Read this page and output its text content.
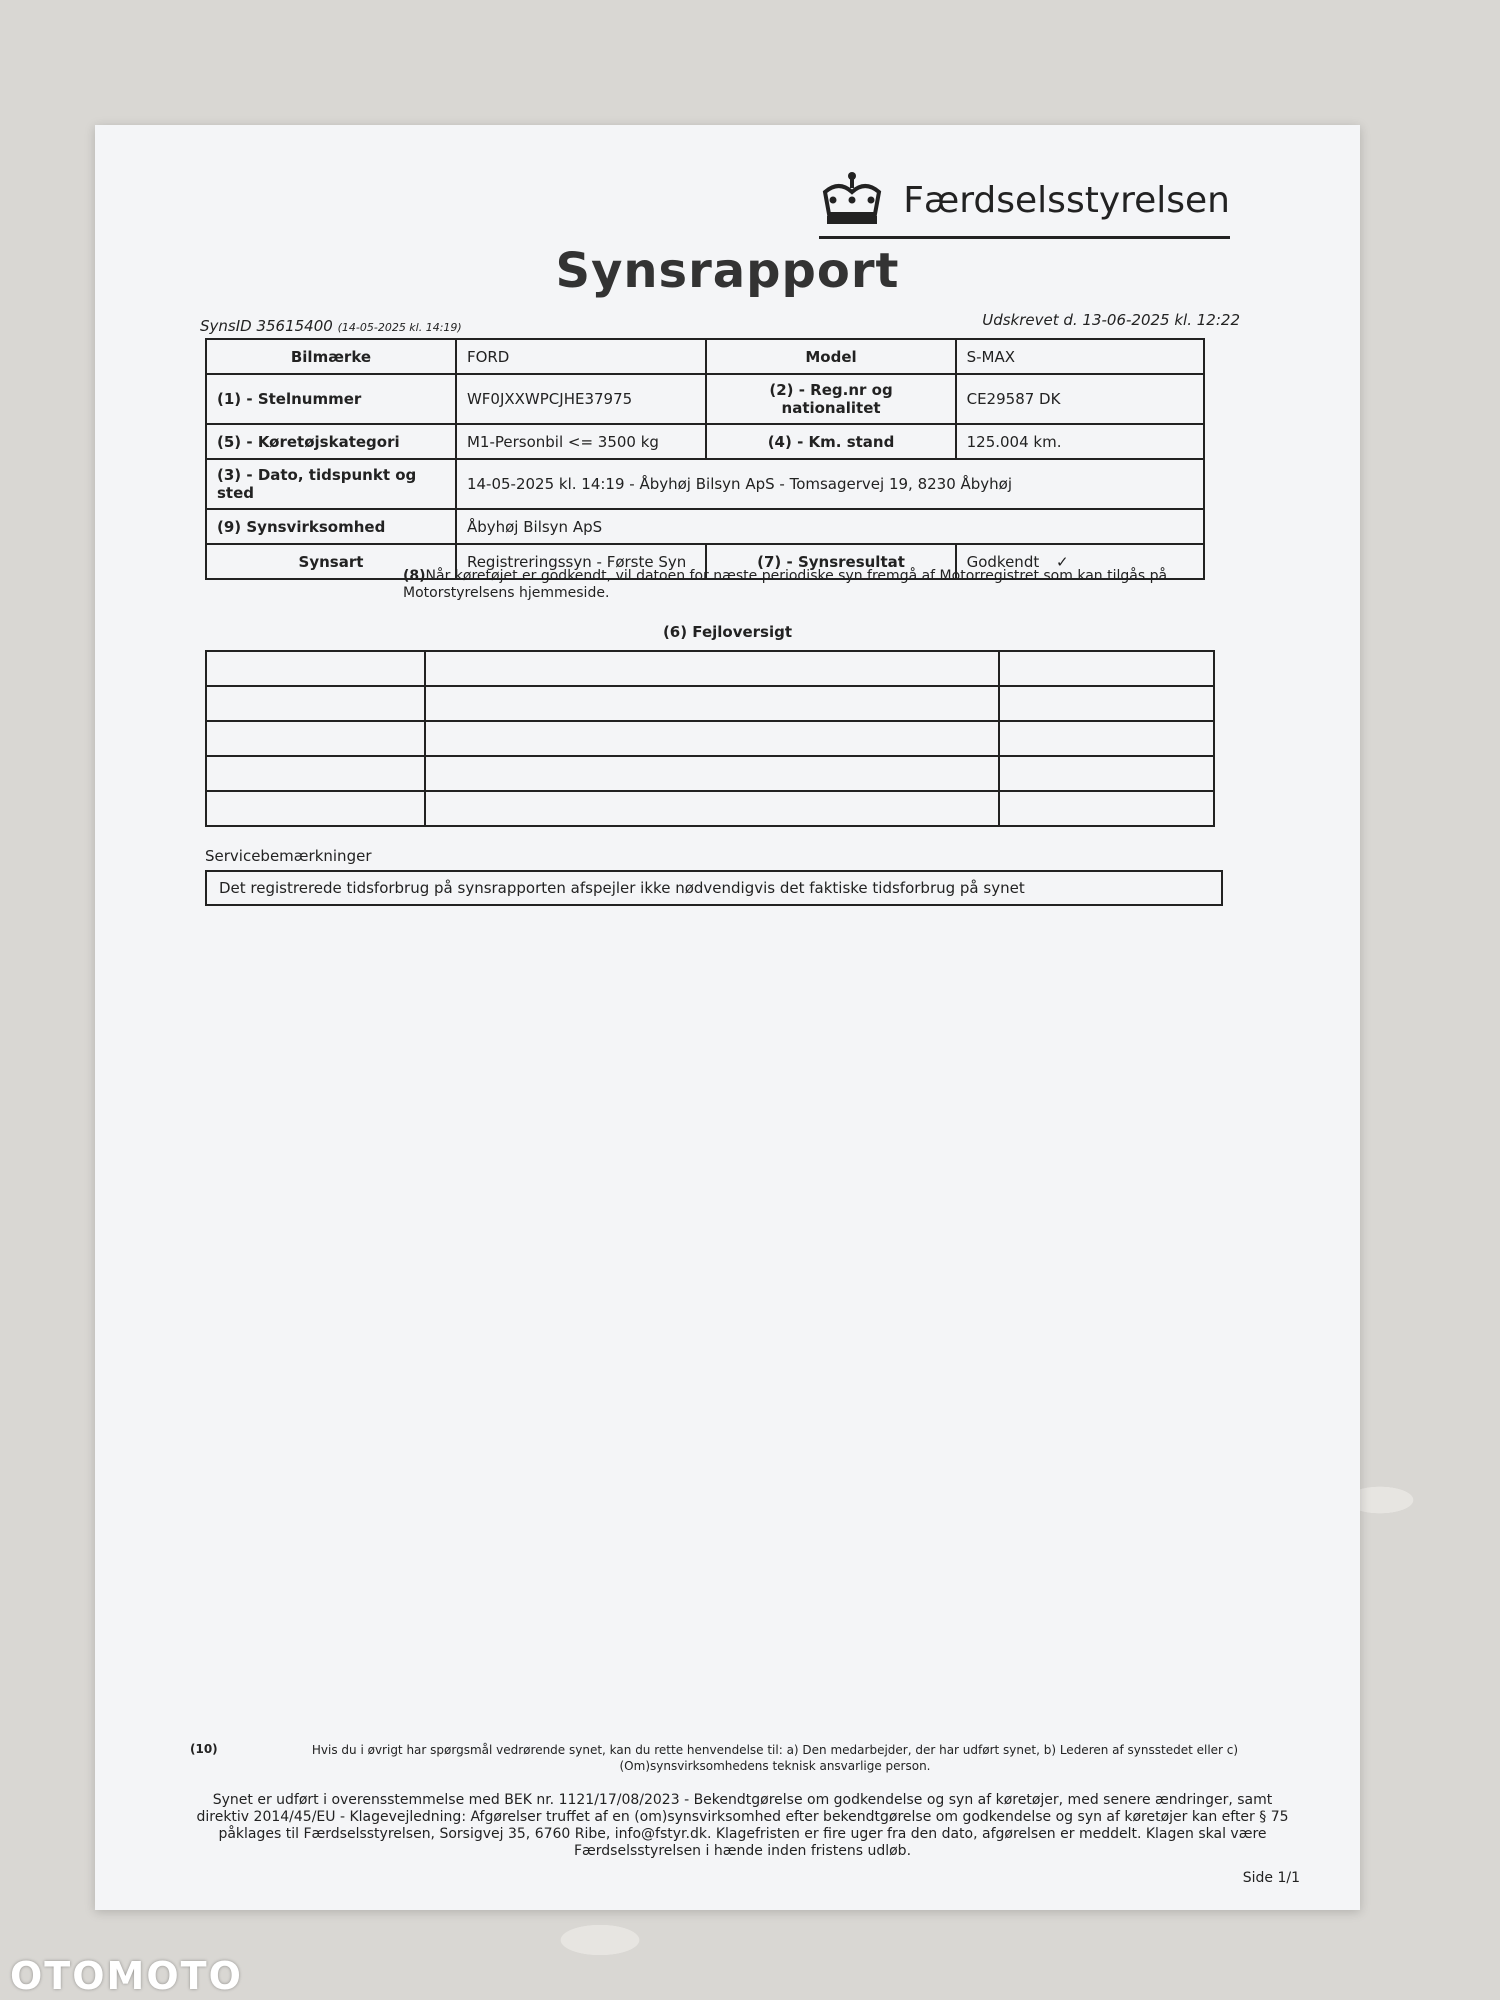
Færdselsstyrelsen
Synsrapport
SynsID 35615400 (14-05-2025 kl. 14:19)	Udskrevet d. 13-06-2025 kl. 12:22
Bilmærke	FORD	Model	S-MAX
(1) - Stelnummer	WF0JXXWPCJHE37975	(2) - Reg.nr og nationalitet	CE29587 DK
(5) - Køretøjskategori	M1-Personbil <= 3500 kg	(4) - Km. stand	125.004 km.
(3) - Dato, tidspunkt og sted	14-05-2025 kl. 14:19 - Åbyhøj Bilsyn ApS - Tomsagervej 19, 8230 Åbyhøj		
(9) Synsvirksomhed	Åbyhøj Bilsyn ApS		
Synsart	Registreringssyn - Første Syn	(7) - Synsresultat	Godkendt ✓
(8)Når køretøjet er godkendt, vil datoen for næste periodiske syn fremgå af Motorregistret som kan tilgås på Motorstyrelsens hjemmeside.
(6) Fejloversigt

Servicebemærkninger
Det registrerede tidsforbrug på synsrapporten afspejler ikke nødvendigvis det faktiske tidsforbrug på synet
(10)	Hvis du i øvrigt har spørgsmål vedrørende synet, kan du rette henvendelse til: a) Den medarbejder, der har udført synet, b) Lederen af synsstedet eller c) (Om)synsvirksomhedens teknisk ansvarlige person.
Synet er udført i overensstemmelse med BEK nr. 1121/17/08/2023 - Bekendtgørelse om godkendelse og syn af køretøjer, med senere ændringer, samt direktiv 2014/45/EU - Klagevejledning: Afgørelser truffet af en (om)synsvirksomhed efter bekendtgørelse om godkendelse og syn af køretøjer kan efter § 75 påklages til Færdselsstyrelsen, Sorsigvej 35, 6760 Ribe, info@fstyr.dk. Klagefristen er fire uger fra den dato, afgørelsen er meddelt. Klagen skal være Færdselsstyrelsen i hænde inden fristens udløb.
Side 1/1
OTOMOTO
